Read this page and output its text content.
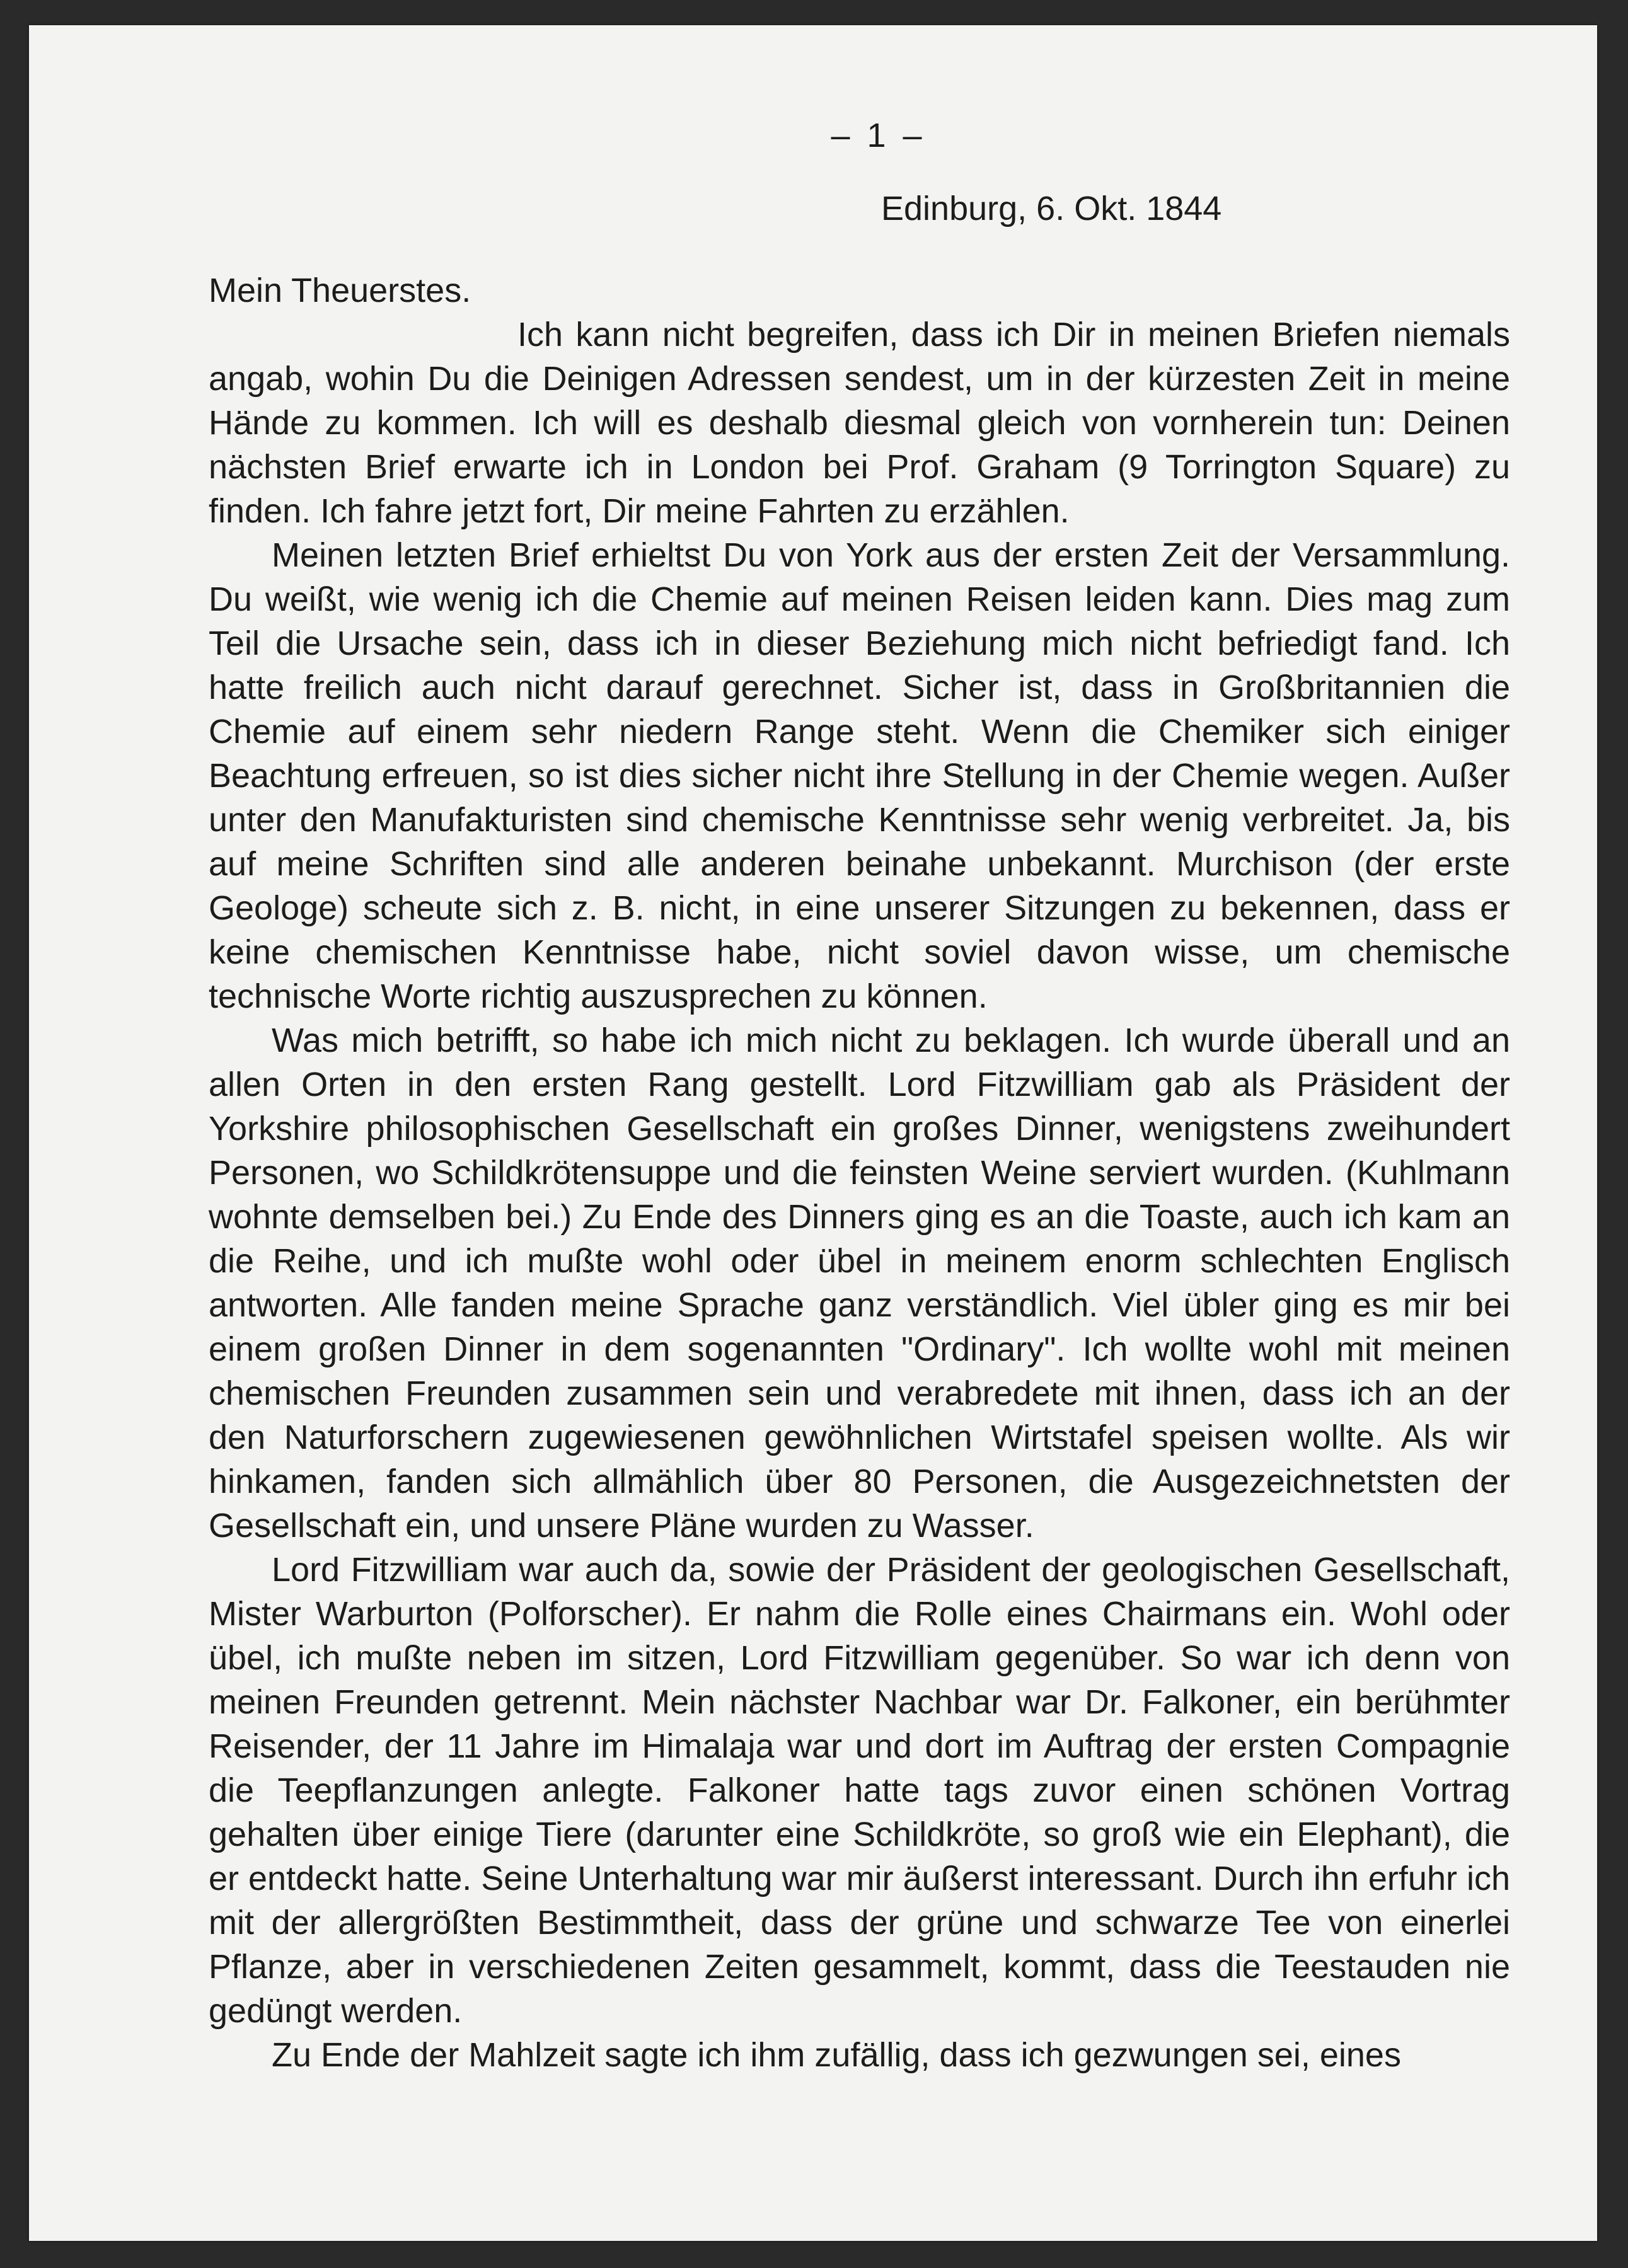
– 1 –
Edinburg, 6. Okt. 1844

Mein Theuerstes.

Ich kann nicht begreifen, dass ich Dir in meinen Briefen niemals angab, wohin Du die Deinigen Adressen sendest, um in der kürzesten Zeit in meine Hände zu kommen. Ich will es deshalb diesmal gleich von vornherein tun: Deinen nächsten Brief erwarte ich in London bei Prof. Graham (9 Torrington Square) zu finden. Ich fahre jetzt fort, Dir meine Fahrten zu erzählen.

Meinen letzten Brief erhieltst Du von York aus der ersten Zeit der Versammlung. Du weißt, wie wenig ich die Chemie auf meinen Reisen leiden kann. Dies mag zum Teil die Ursache sein, dass ich in dieser Beziehung mich nicht befriedigt fand. Ich hatte freilich auch nicht darauf gerechnet. Sicher ist, dass in Großbritannien die Chemie auf einem sehr niedern Range steht. Wenn die Chemiker sich einiger Beachtung erfreuen, so ist dies sicher nicht ihre Stellung in der Chemie wegen. Außer unter den Manufakturisten sind chemische Kenntnisse sehr wenig verbreitet. Ja, bis auf meine Schriften sind alle anderen beinahe unbekannt. Murchison (der erste Geologe) scheute sich z. B. nicht, in eine unserer Sitzungen zu bekennen, dass er keine chemischen Kenntnisse habe, nicht soviel davon wisse, um chemische technische Worte richtig auszusprechen zu können.

Was mich betrifft, so habe ich mich nicht zu beklagen. Ich wurde überall und an allen Orten in den ersten Rang gestellt. Lord Fitzwilliam gab als Präsident der Yorkshire philosophischen Gesellschaft ein großes Dinner, wenigstens zweihundert Personen, wo Schildkrötensuppe und die feinsten Weine serviert wurden. (Kuhlmann wohnte demselben bei.) Zu Ende des Dinners ging es an die Toaste, auch ich kam an die Reihe, und ich mußte wohl oder übel in meinem enorm schlechten Englisch antworten. Alle fanden meine Sprache ganz verständlich. Viel übler ging es mir bei einem großen Dinner in dem sogenannten "Ordinary". Ich wollte wohl mit meinen chemischen Freunden zusammen sein und verabredete mit ihnen, dass ich an der den Naturforschern zugewiesenen gewöhnlichen Wirtstafel speisen wollte. Als wir hinkamen, fanden sich allmählich über 80 Personen, die Ausgezeichnetsten der Gesellschaft ein, und unsere Pläne wurden zu Wasser.

Lord Fitzwilliam war auch da, sowie der Präsident der geologischen Gesellschaft, Mister Warburton (Polforscher). Er nahm die Rolle eines Chairmans ein. Wohl oder übel, ich mußte neben im sitzen, Lord Fitzwilliam gegenüber. So war ich denn von meinen Freunden getrennt. Mein nächster Nachbar war Dr. Falkoner, ein berühmter Reisender, der 11 Jahre im Himalaja war und dort im Auftrag der ersten Compagnie die Teepflanzungen anlegte. Falkoner hatte tags zuvor einen schönen Vortrag gehalten über einige Tiere (darunter eine Schildkröte, so groß wie ein Elephant), die er entdeckt hatte. Seine Unterhaltung war mir äußerst interessant. Durch ihn erfuhr ich mit der allergrößten Bestimmtheit, dass der grüne und schwarze Tee von einerlei Pflanze, aber in verschiedenen Zeiten gesammelt, kommt, dass die Teestauden nie gedüngt werden.

Zu Ende der Mahlzeit sagte ich ihm zufällig, dass ich gezwungen sei, eines
